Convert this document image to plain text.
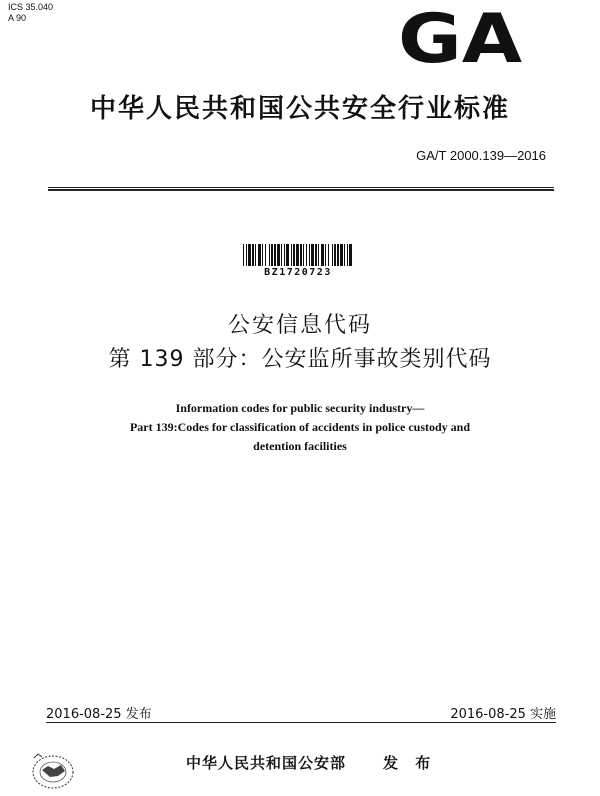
ICS 35.040
A 90	GA
中华人民共和国公共安全行业标准
GA/T 2000.139—2016
BZ1720723
公安信息代码
第 139 部分：公安监所事故类别代码
Information codes for public security industry—
Part 139:Codes for classification of accidents in police custody and
detention facilities
2016-08-25 发布	2016-08-25 实施
中华人民共和国公安部 发 布
